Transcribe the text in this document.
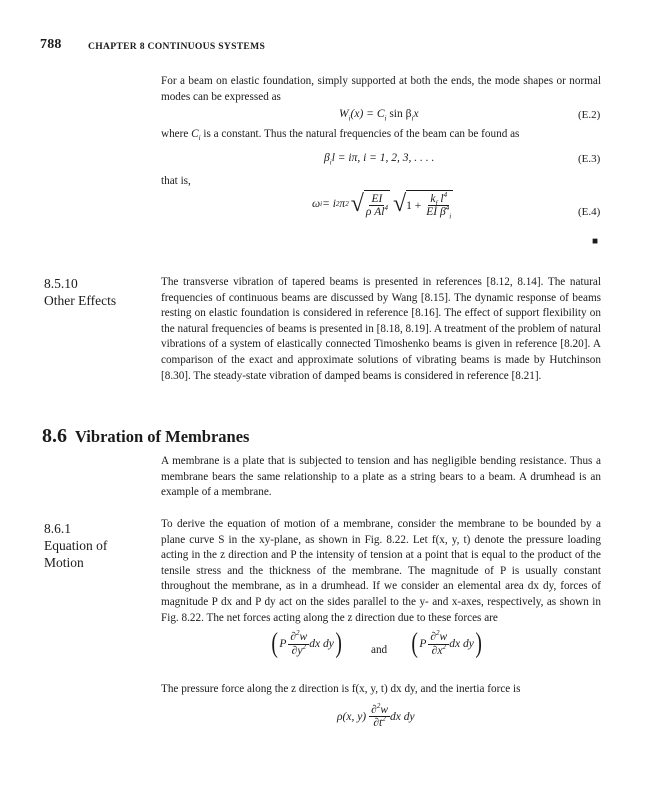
788	CHAPTER 8 CONTINUOUS SYSTEMS
For a beam on elastic foundation, simply supported at both the ends, the mode shapes or normal modes can be expressed as
$W_i(x) = C_i$ $\sin \beta_ix$	(E.2)
where $C_i$ is a constant. Thus the natural frequencies of the beam can be found as
$\beta_il = i\pi$, i = 1, 2, 3, . . . .	(E.3)
that is,
ω i = i 2 π 2 √ $\frac{EI}{\rho Al^4}$ √ $1 + \frac{k_f l^4}{EI \beta^4_i}$	(E.4)
■
8.5.10
Other Effects
The transverse vibration of tapered beams is presented in references [8.12, 8.14]. The natural frequencies of continuous beams are discussed by Wang [8.15]. The dynamic response of beams resting on elastic foundation is considered in reference [8.16]. The effect of support flexibility on the natural frequencies of beams is presented in [8.18, 8.19]. A treatment of the problem of natural vibrations of a system of elastically connected Timoshenko beams is given in reference [8.20]. A comparison of the exact and approximate solutions of vibrating beams is made by Hutchinson [8.30]. The steady-state vibration of damped beams is considered in reference [8.21].
8.6 Vibration of Membranes
A membrane is a plate that is subjected to tension and has negligible bending resistance. Thus a membrane bears the same relationship to a plate as a string bears to a beam. A drumhead is an example of a membrane.
8.6.1
Equation of
Motion
To derive the equation of motion of a membrane, consider the membrane to be bounded by a plane curve S in the xy-plane, as shown in Fig. 8.22. Let f(x, y, t) denote the pressure loading acting in the z direction and P the intensity of tension at a point that is equal to the product of the tensile stress and the thickness of the membrane. The magnitude of P is usually constant throughout the membrane, as in a drumhead. If we consider an elemental area dx dy, forces of magnitude P dx and P dy act on the sides parallel to the y- and x-axes, respectively, as shown in Fig. 8.22. The net forces acting along the z direction due to these forces are
( P $\frac{\partial^2w}{\partial y^2}$ dx dy )	and ( P $\frac{\partial^2w}{\partial x^2}$ dx dy )
The pressure force along the z direction is f(x, y, t) dx dy, and the inertia force is
ρ(x, $y) \frac{\partial^2w}{\partial t^2}$ dx dy
